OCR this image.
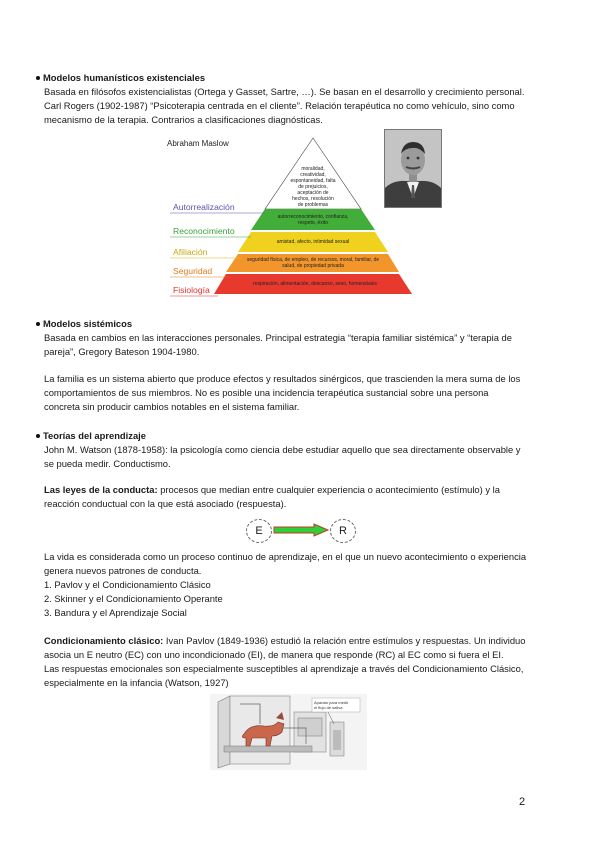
Modelos humanísticos existenciales
Basada en filósofos existencialistas (Ortega y Gasset, Sartre, …). Se basan en el desarrollo y crecimiento personal.
Carl Rogers (1902-1987) “Psicoterapia centrada en el cliente”. Relación terapéutica no como vehículo, sino como
mecanismo de la terapia. Contrarios a clasificaciones diagnósticas.
Abraham Maslow
Autorrealización
Reconocimiento
Afiliación
Seguridad
Fisiología
moralidad, creatividad, espontaneidad, falta de prejuicios, aceptación de hechos, resolución de problemas
autorreconocimiento, confianza, respeto, éxito
amistad, afecto, intimidad sexual
seguridad física, de empleo, de recursos, moral, familiar, de salud, de propiedad privada
respiración, alimentación, descanso, sexo, homeostasis
Modelos sistémicos
Basada en cambios en las interacciones personales. Principal estrategia “terapia familiar sistémica” y “terapia de
pareja”, Gregory Bateson 1904-1980.
La familia es un sistema abierto que produce efectos y resultados sinérgicos, que trascienden la mera suma de los
comportamientos de sus miembros. No es posible una incidencia terapéutica sustancial sobre una persona
concreta sin producir cambios notables en el sistema familiar.
Teorías del aprendizaje
John M. Watson (1878-1958): la psicología como ciencia debe estudiar aquello que sea directamente observable y
se pueda medir. Conductismo.
Las leyes de la conducta: procesos que median entre cualquier experiencia o acontecimiento (estímulo) y la
reacción conductual con la que está asociado (respuesta).
E	R
La vida es considerada como un proceso continuo de aprendizaje, en el que un nuevo acontecimiento o experiencia
genera nuevos patrones de conducta.
1. Pavlov y el Condicionamiento Clásico
2. Skinner y el Condicionamiento Operante
3. Bandura y el Aprendizaje Social
Condicionamiento clásico: Ivan Pavlov (1849-1936) estudió la relación entre estímulos y respuestas. Un individuo
asocia un E neutro (EC) con uno incondicionado (EI), de manera que responde (RC) al EC como si fuera el EI.
Las respuestas emocionales son especialmente susceptibles al aprendizaje a través del Condicionamiento Clásico,
especialmente en la infancia (Watson, 1927)
Aparato para medir
el flujo de saliva
2
